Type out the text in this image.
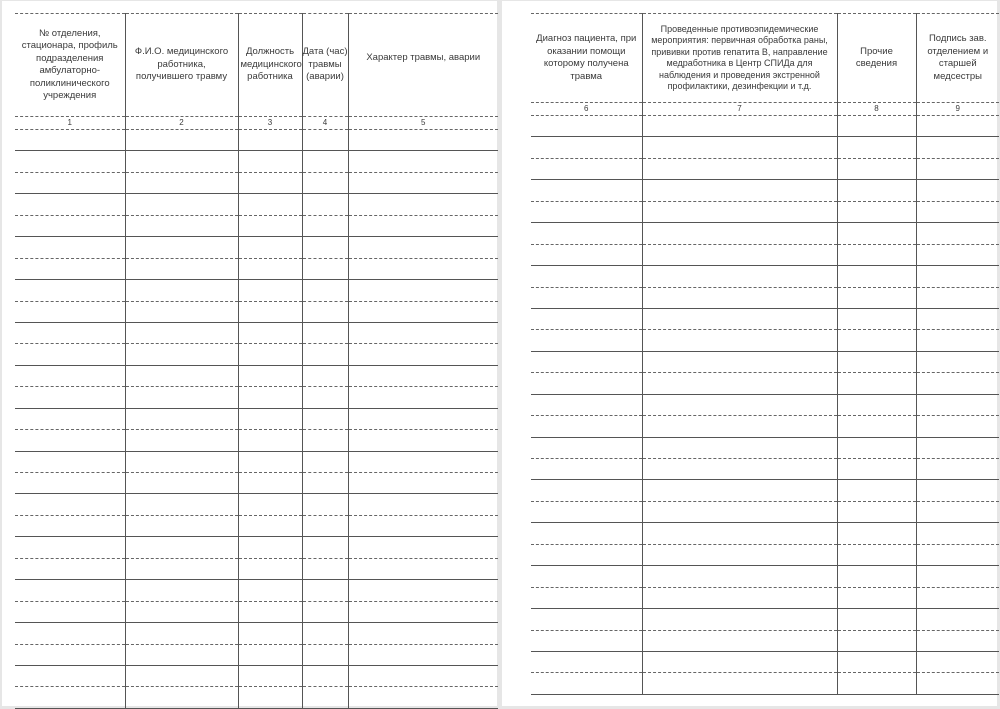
№ отделения, стационара, профиль подразделения амбулаторно-поликлинического учреждения	Ф.И.О. медицинского работника, получившего травму	Должность медицинского работника	Дата (час) травмы (аварии)	Характер травмы, аварии
1	2	3	4	5

Диагноз пациента, при оказании помощи которому получена травма	Проведенные противоэпидемические мероприятия: первичная обработка раны, прививки против гепатита В, направление медработника в Центр СПИДа для наблюдения и проведения экстренной профилактики, дезинфекции и т.д.	Прочие сведения	Подпись зав. отделением и старшей медсестры
6	7	8	9
